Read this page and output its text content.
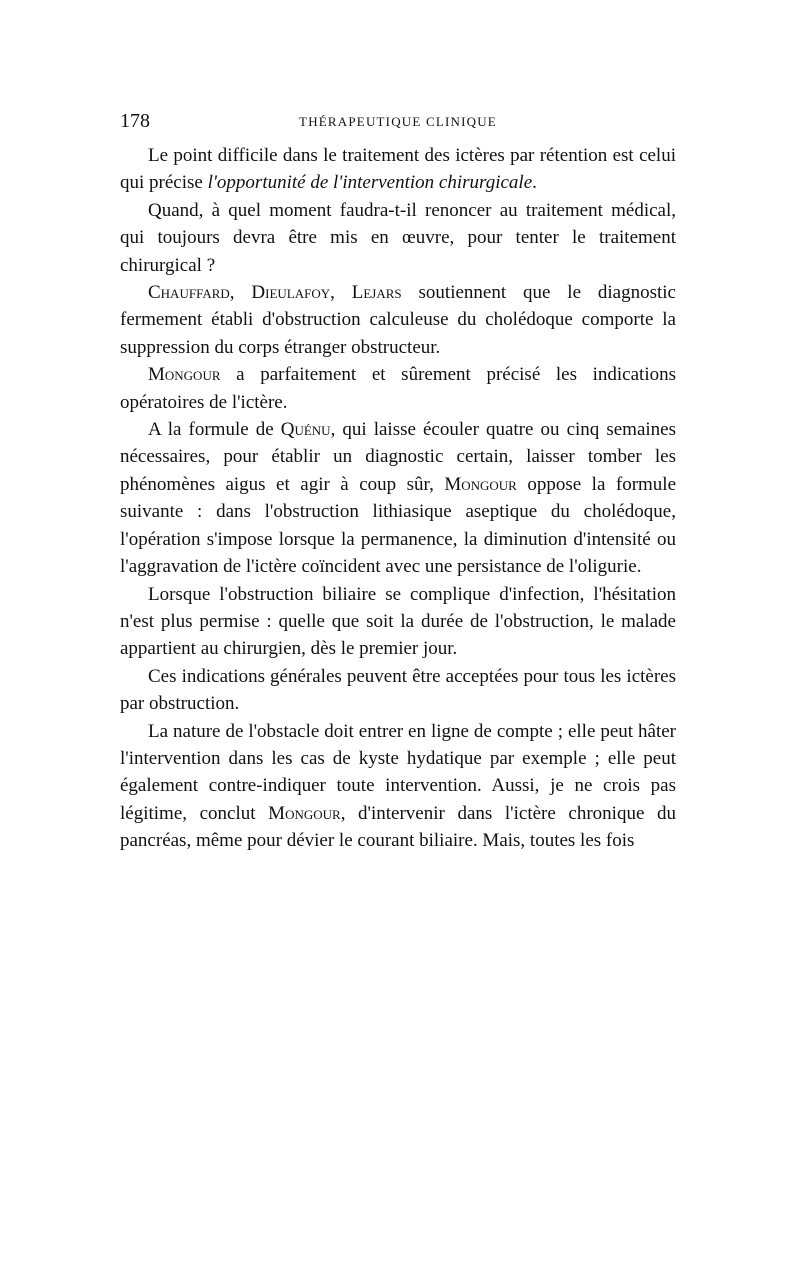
178	THÉRAPEUTIQUE CLINIQUE

Le point difficile dans le traitement des ictères par rétention est celui qui précise l'opportunité de l'intervention chirurgicale.

Quand, à quel moment faudra-t-il renoncer au traitement médical, qui toujours devra être mis en œuvre, pour tenter le traitement chirurgical ?

Chauffard, Dieulafoy, Lejars soutiennent que le diagnostic fermement établi d'obstruction calculeuse du cholédoque comporte la suppression du corps étranger obstructeur.

Mongour a parfaitement et sûrement précisé les indications opératoires de l'ictère.

A la formule de Quénu, qui laisse écouler quatre ou cinq semaines nécessaires, pour établir un diagnostic certain, laisser tomber les phénomènes aigus et agir à coup sûr, Mongour oppose la formule suivante : dans l'obstruction lithiasique aseptique du cholédoque, l'opération s'impose lorsque la permanence, la diminution d'intensité ou l'aggravation de l'ictère coïncident avec une persistance de l'oligurie.

Lorsque l'obstruction biliaire se complique d'infection, l'hésitation n'est plus permise : quelle que soit la durée de l'obstruction, le malade appartient au chirurgien, dès le premier jour.

Ces indications générales peuvent être acceptées pour tous les ictères par obstruction.

La nature de l'obstacle doit entrer en ligne de compte ; elle peut hâter l'intervention dans les cas de kyste hydatique par exemple ; elle peut également contre-indiquer toute intervention. Aussi, je ne crois pas légitime, conclut Mongour, d'intervenir dans l'ictère chronique du pancréas, même pour dévier le courant biliaire. Mais, toutes les fois
